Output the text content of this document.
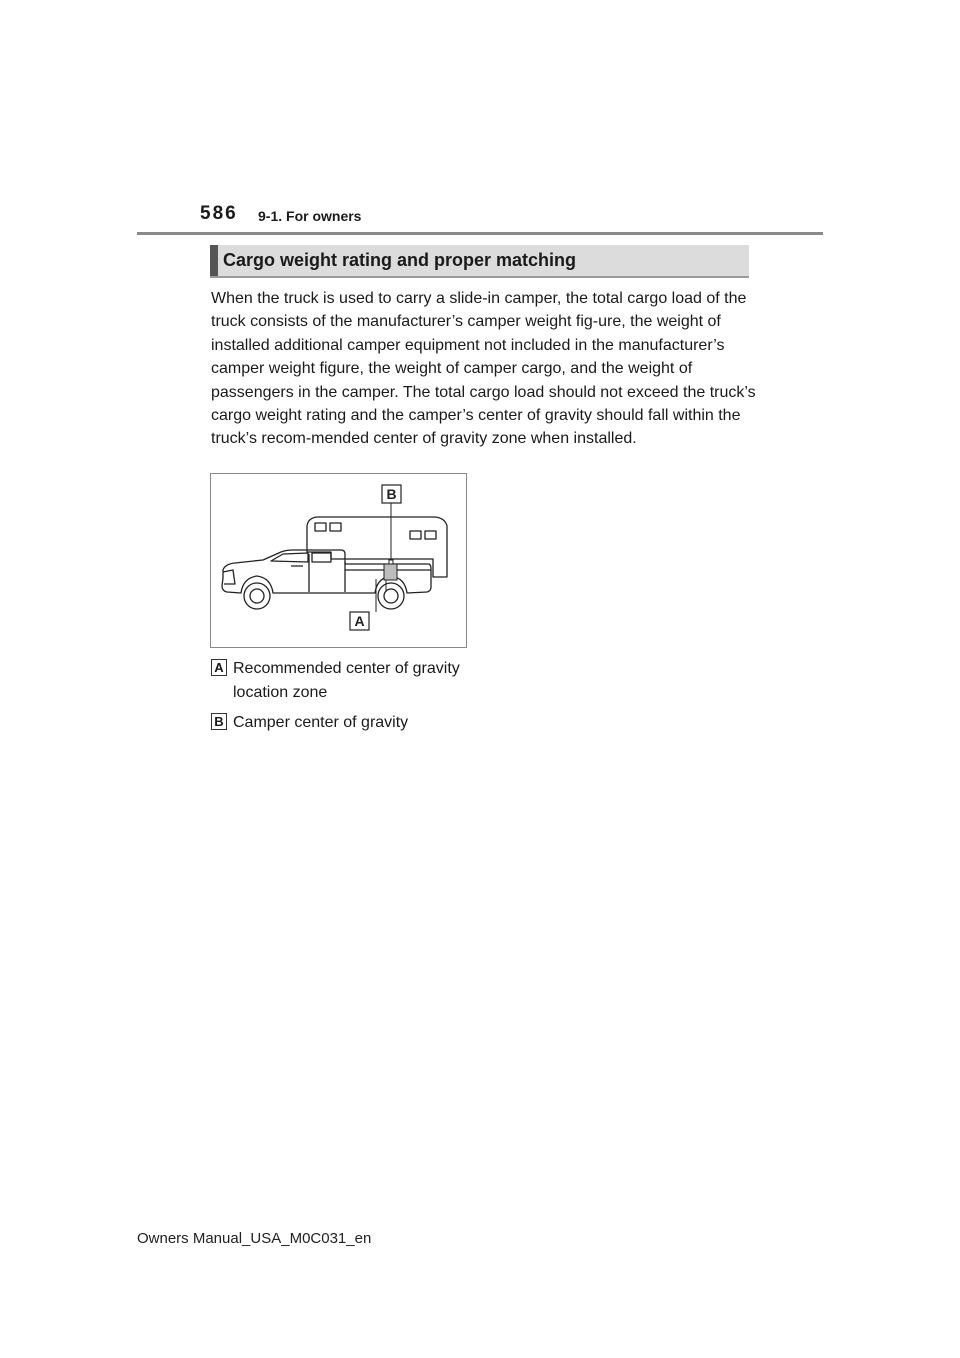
586 9-1. For owners
Cargo weight rating and proper matching

When the truck is used to carry a slide-in camper, the total cargo load of the truck consists of the manufacturer’s camper weight fig-ure, the weight of installed additional camper equipment not included in the manufacturer’s camper weight figure, the weight of camper cargo, and the weight of passengers in the camper. The total cargo load should not exceed the truck’s cargo weight rating and the camper’s center of gravity should fall within the truck’s recom-mended center of gravity zone when installed.

B
A
A Recommended center of gravity location zone
B Camper center of gravity
Owners Manual_USA_M0C031_en
